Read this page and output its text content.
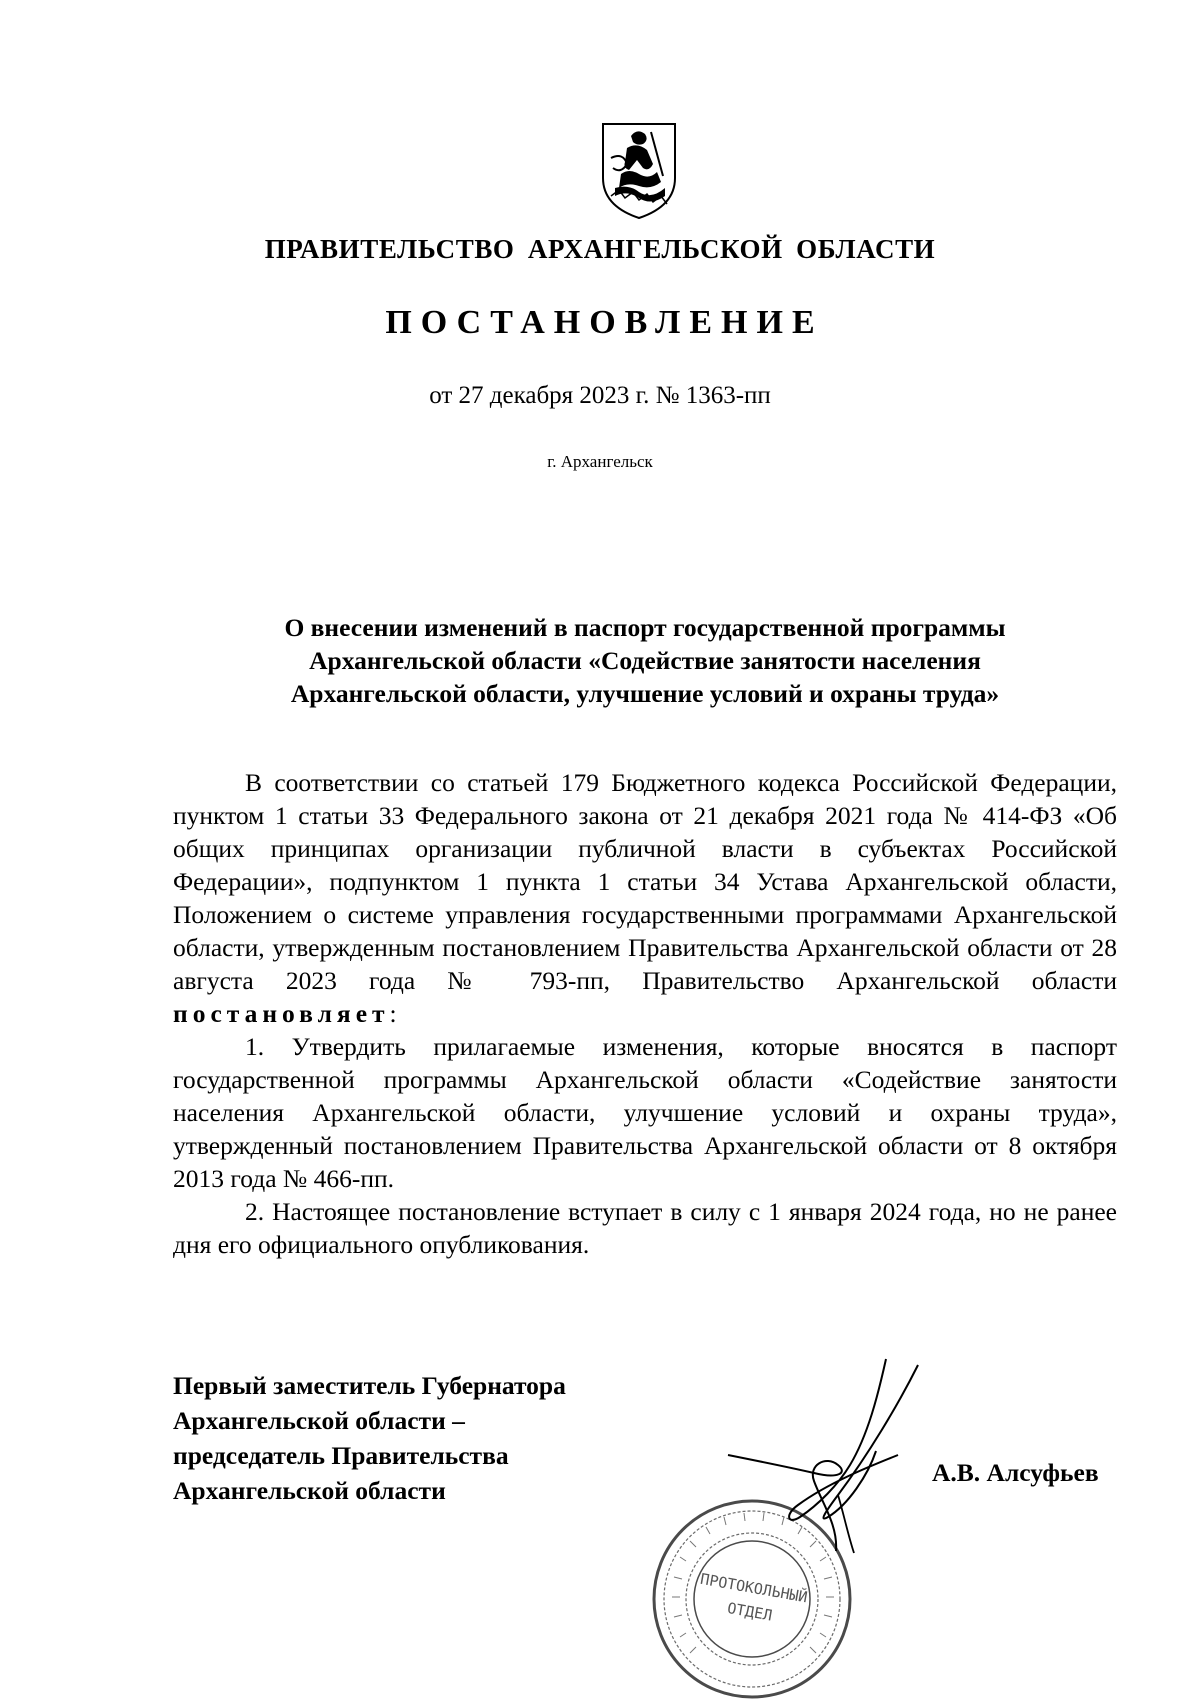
ПРАВИТЕЛЬСТВО АРХАНГЕЛЬСКОЙ ОБЛАСТИ
ПОСТАНОВЛЕНИЕ
от 27 декабря 2023 г. № 1363-пп
г. Архангельск
О внесении изменений в паспорт государственной программы
Архангельской области «Содействие занятости населения
Архангельской области, улучшение условий и охраны труда»

В соответствии со статьей 179 Бюджетного кодекса Российской Федерации, пунктом 1 статьи 33 Федерального закона от 21 декабря 2021 года № 414-ФЗ «Об общих принципах организации публичной власти в субъектах Российской Федерации», подпунктом 1 пункта 1 статьи 34 Устава Архангельской области, Положением о системе управления государственными программами Архангельской области, утвержденным постановлением Правительства Архангельской области от 28 августа 2023 года № 793-пп, Правительство Архангельской области постановляет:

1. Утвердить прилагаемые изменения, которые вносятся в паспорт государственной программы Архангельской области «Содействие занятости населения Архангельской области, улучшение условий и охраны труда», утвержденный постановлением Правительства Архангельской области от 8 октября 2013 года № 466-пп.

2. Настоящее постановление вступает в силу с 1 января 2024 года, но не ранее дня его официального опубликования.

Первый заместитель Губернатора
Архангельской области –
председатель Правительства
Архангельской области
ПРОТОКОЛЬНЫЙ
ОТДЕЛ
А.В. Алсуфьев
